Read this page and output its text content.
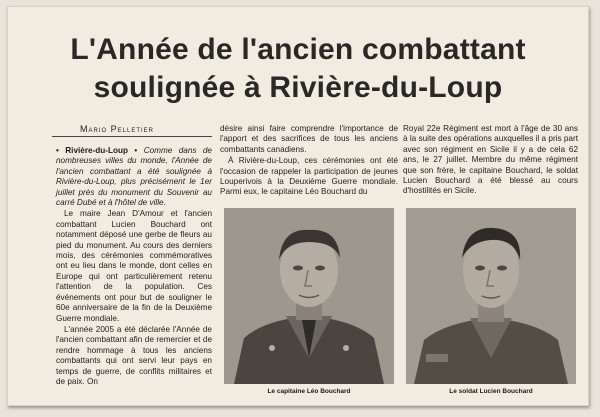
L'Année de l'ancien combattant
soulignée à Rivière-du-Loup
Mario Pelletier

• Rivière-du-Loup • Comme dans de nombreuses villes du monde, l'Année de l'ancien combattant a été soulignée à Rivière-du-Loup, plus précisément le 1er juillet près du monument du Souvenir au carré Dubé et à l'hôtel de ville.

Le maire Jean D'Amour et l'ancien combattant Lucien Bouchard ont notamment déposé une gerbe de fleurs au pied du monument. Au cours des derniers mois, des cérémonies commémoratives ont eu lieu dans le monde, dont celles en Europe qui ont particulièrement retenu l'attention de la population. Ces événements ont pour but de souligner le 60e anniversaire de la fin de la Deuxième Guerre mondiale.

L'année 2005 a été déclarée l'Année de l'ancien combattant afin de remercier et de rendre hommage à tous les anciens combattants qui ont servi leur pays en temps de guerre, de conflits militaires et de paix. On

désire ainsi faire comprendre l'importance de l'apport et des sacrifices de tous les anciens combattants canadiens.

À Rivière-du-Loup, ces cérémonies ont été l'occasion de rappeler la participation de jeunes Louperivois à la Deuxième Guerre mondiale. Parmi eux, le capitaine Léo Bouchard du

Royal 22e Régiment est mort à l'âge de 30 ans à la suite des opérations auxquelles il a pris part avec son régiment en Sicile il y a de cela 62 ans, le 27 juillet. Membre du même régiment que son frère, le capitaine Bouchard, le soldat Lucien Bouchard a été blessé au cours d'hostilités en Sicile.

Le capitaine Léo Bouchard	Le soldat Lucien Bouchard
